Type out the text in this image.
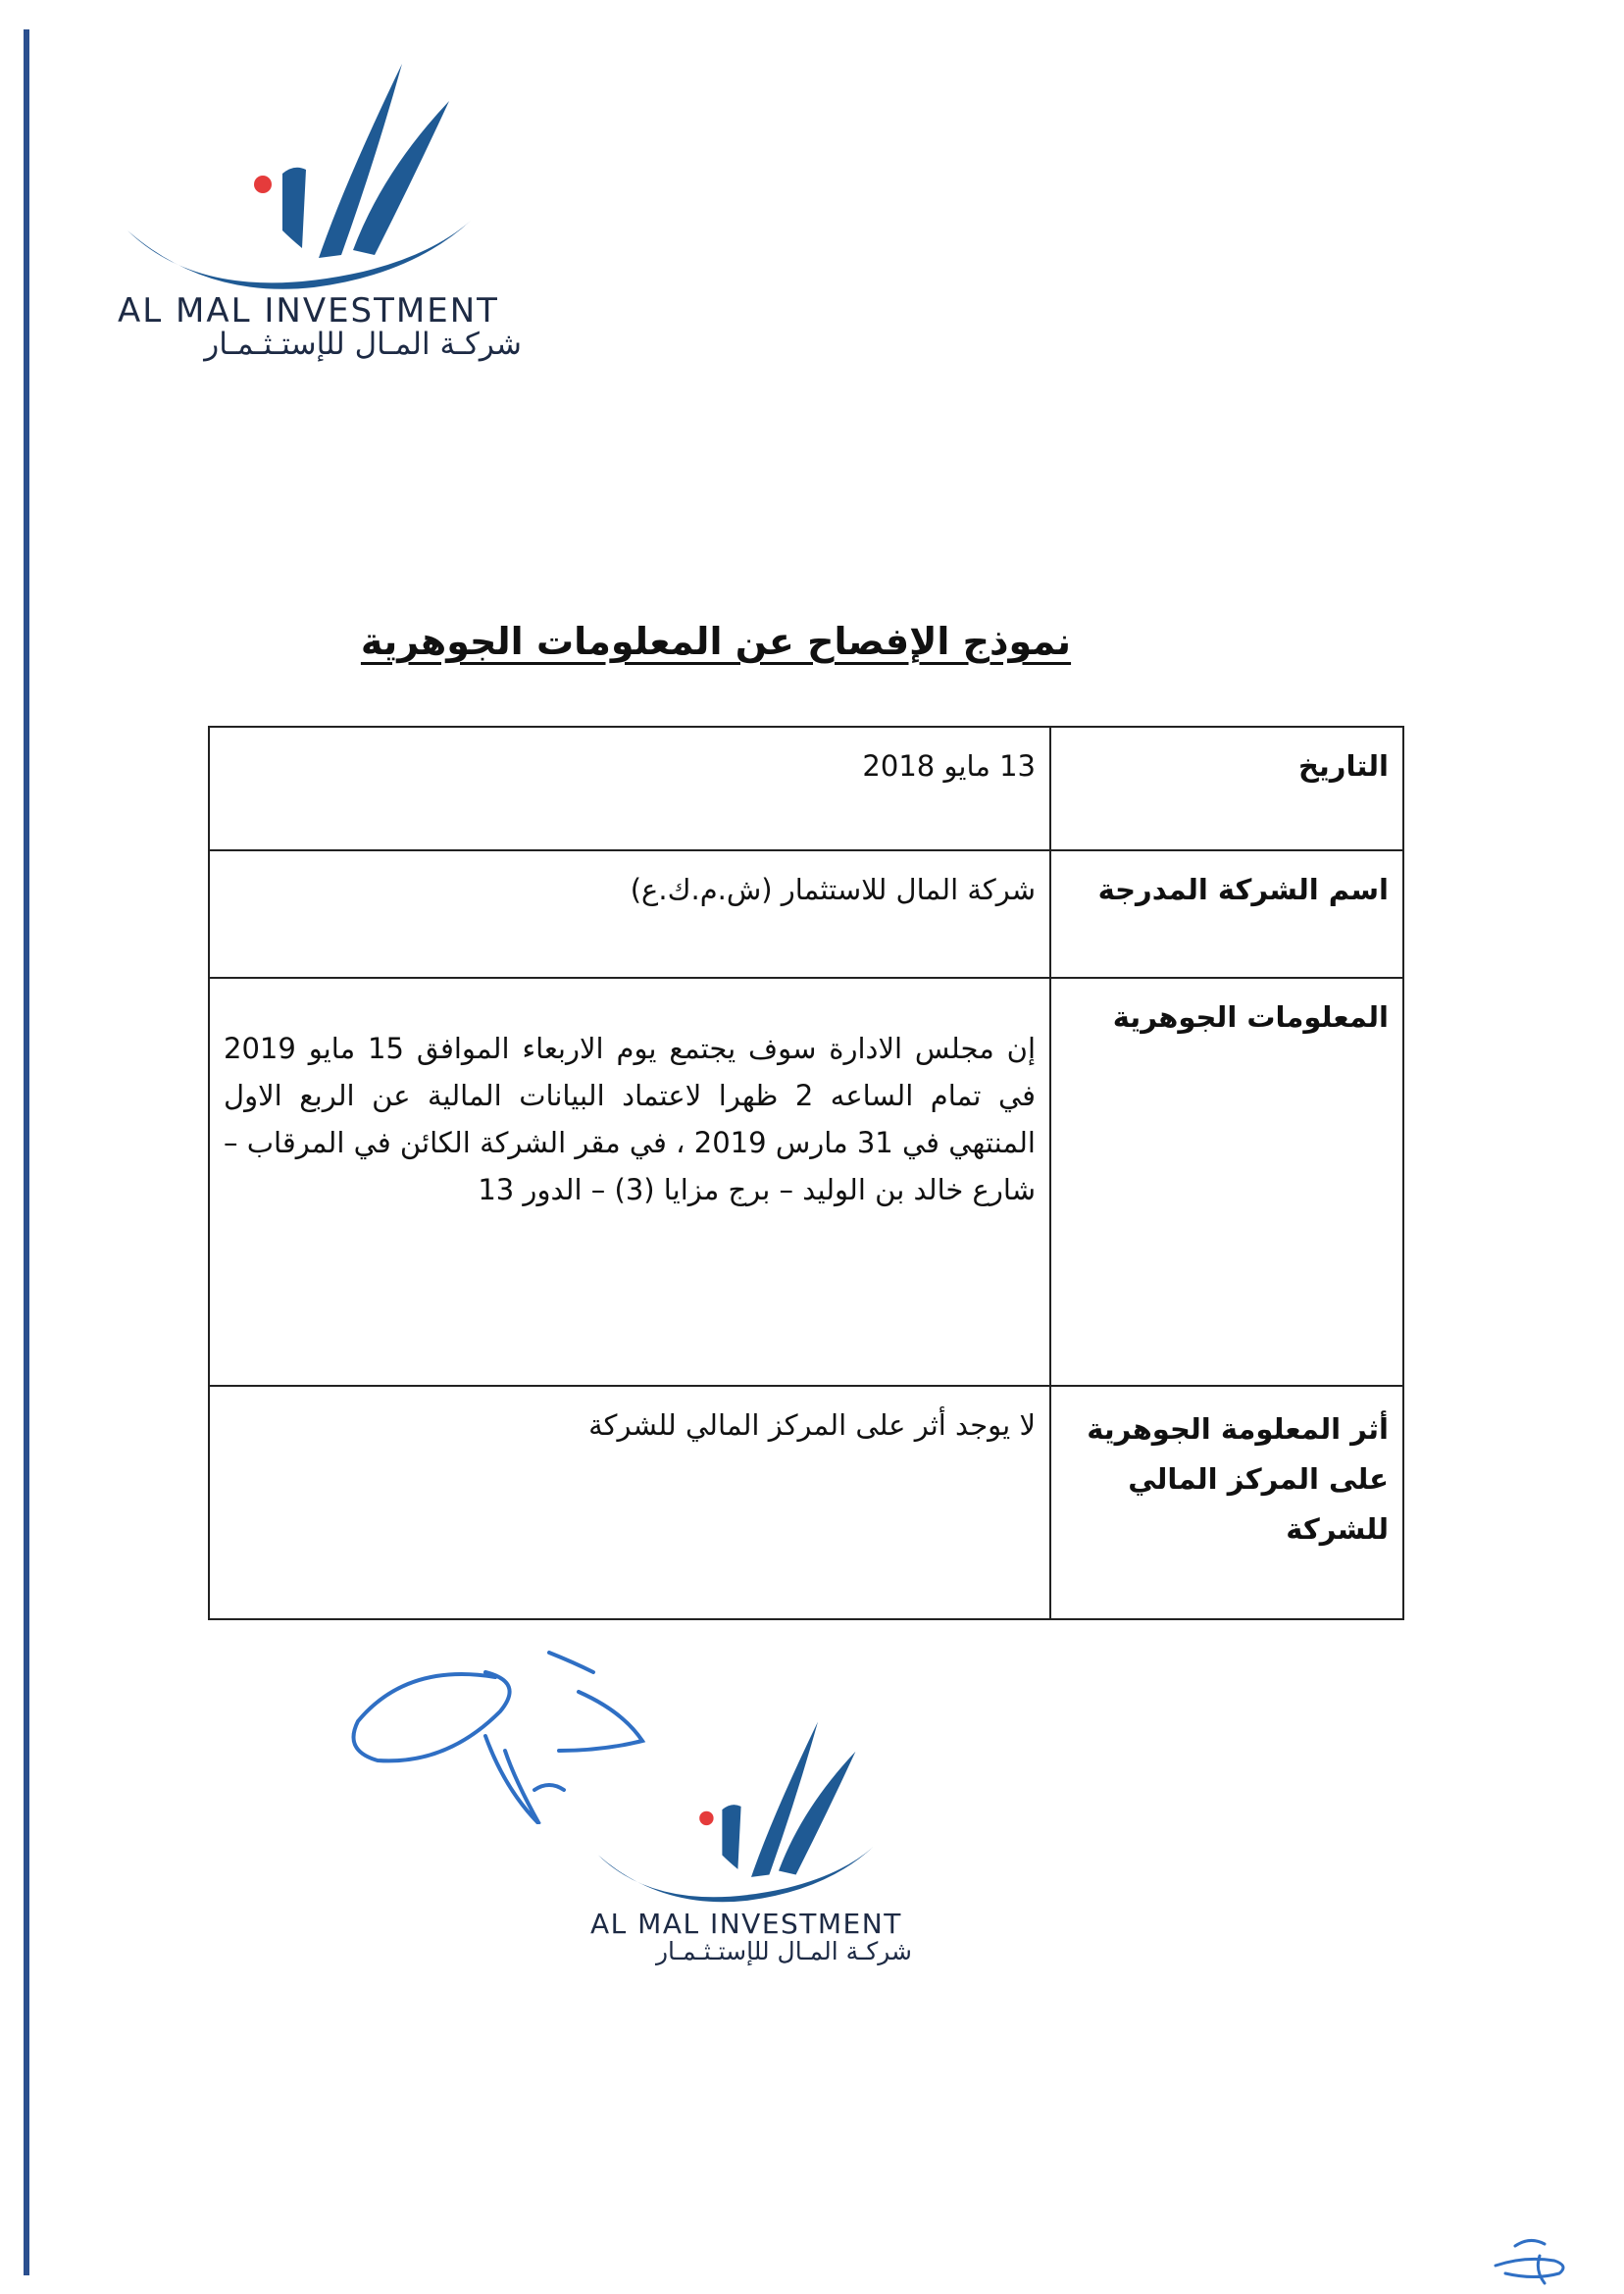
AL MAL INVESTMENT
شركـة المـال للإستـثـمـار
نموذج الإفصاح عن المعلومات الجوهرية
التاريخ	13 مايو 2018
اسم الشركة المدرجة	شركة المال للاستثمار (ش.م.ك.ع)
المعلومات الجوهرية	إن مجلس الادارة سوف يجتمع يوم الاربعاء الموافق 15 مايو 2019 في تمام الساعه 2 ظهرا لاعتماد البيانات المالية عن الربع الاول المنتهي في 31 مارس 2019 ، في مقر الشركة الكائن في المرقاب – شارع خالد بن الوليد – برج مزايا (3) – الدور 13
أثر المعلومة الجوهرية على المركز المالي للشركة	لا يوجد أثر على المركز المالي للشركة
AL MAL INVESTMENT
شركـة المـال للإستـثـمـار
